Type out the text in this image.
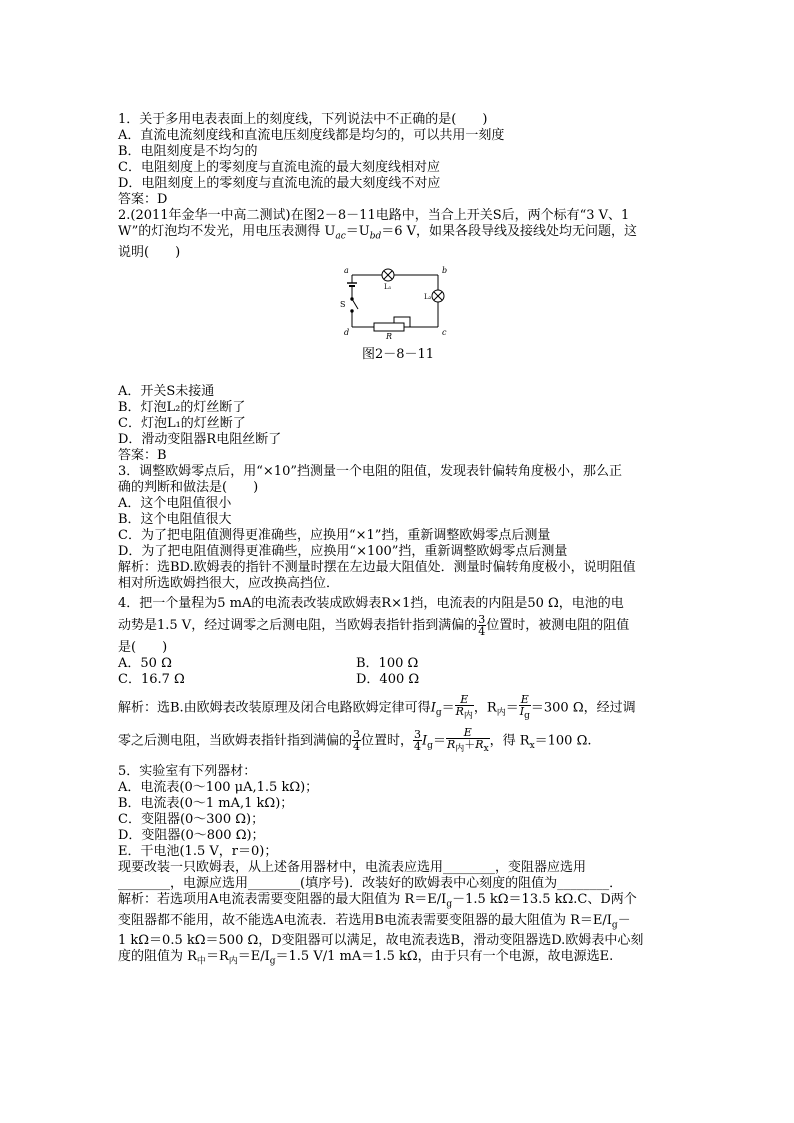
1．关于多用电表表面上的刻度线，下列说法中不正确的是(　　)
A．直流电流刻度线和直流电压刻度线都是均匀的，可以共用一刻度
B．电阻刻度是不均匀的
C．电阻刻度上的零刻度与直流电流的最大刻度线相对应
D．电阻刻度上的零刻度与直流电流的最大刻度线不对应
答案：D
2.(2011年金华一中高二测试)在图2－8－11电路中，当合上开关S后，两个标有“3 V、1
W”的灯泡均不发光，用电压表测得 $U_{ac}=U_{bd}=6$ V，如果各段导线及接线处均无问题，这
说明(　　)
a	b
c
d
S
R
L₁
L₂
图2－8－11
A．开关S未接通
B．灯泡L₂的灯丝断了
C．灯泡L₁的灯丝断了
D．滑动变阻器R电阻丝断了
答案：B
3．调整欧姆零点后，用“×10”挡测量一个电阻的阻值，发现表针偏转角度极小，那么正
确的判断和做法是(　　)
A．这个电阻值很小
B．这个电阻值很大
C．为了把电阻值测得更准确些，应换用“×1”挡，重新调整欧姆零点后测量
D．为了把电阻值测得更准确些，应换用“×100”挡，重新调整欧姆零点后测量
解析：选BD.欧姆表的指针不测量时摆在左边最大阻值处．测量时偏转角度极小，说明阻值
相对所选欧姆挡很大，应改换高挡位．
4．把一个量程为5 mA的电流表改装成欧姆表R×1挡，电流表的内阻是50 Ω，电池的电
动势是1.5 V，经过调零之后测电阻，当欧姆表指针指到满偏的 $\frac{3}{4}$ 位置时，被测电阻的阻值
是(　　)
A．50 Ω	B．100 Ω
C．16.7 Ω	D．400 Ω
解析：选B.由欧姆表改装原理及闭合电路欧姆定律可得$I_g= \frac{E}{R_内}$ ，$R_内= \frac{E}{I_g} =300$ Ω，经过调
零之后测电阻，当欧姆表指针指到满偏的 $\frac{3}{4}$ 位置时， $\frac{3}{4} I_g= \frac{E}{R_内+R_x}$ ，得 $R_x=100$ Ω.
5．实验室有下列器材：
A．电流表(0～100 μA,1.5 kΩ)；
B．电流表(0～1 mA,1 kΩ)；
C．变阻器(0～300 Ω)；
D．变阻器(0～800 Ω)；
E．干电池(1.5 V，r＝0)；
现要改装一只欧姆表，从上述备用器材中，电流表应选用________，变阻器应选用
________，电源应选用________(填序号)．改装好的欧姆表中心刻度的阻值为________．
解析：若选项用A电流表需要变阻器的最大阻值为 $R=E/I_g-1.5$ kΩ＝13.5 kΩ.C、D两个
变阻器都不能用，故不能选A电流表．若选用B电流表需要变阻器的最大阻值为 $R=E/I_g-$
1 kΩ＝0.5 kΩ＝500 Ω，D变阻器可以满足，故电流表选B，滑动变阻器选D.欧姆表中心刻
度的阻值为 $R_中=R_内=E/I_g=1.5$ V/1 mA＝1.5 kΩ，由于只有一个电源，故电源选E.
